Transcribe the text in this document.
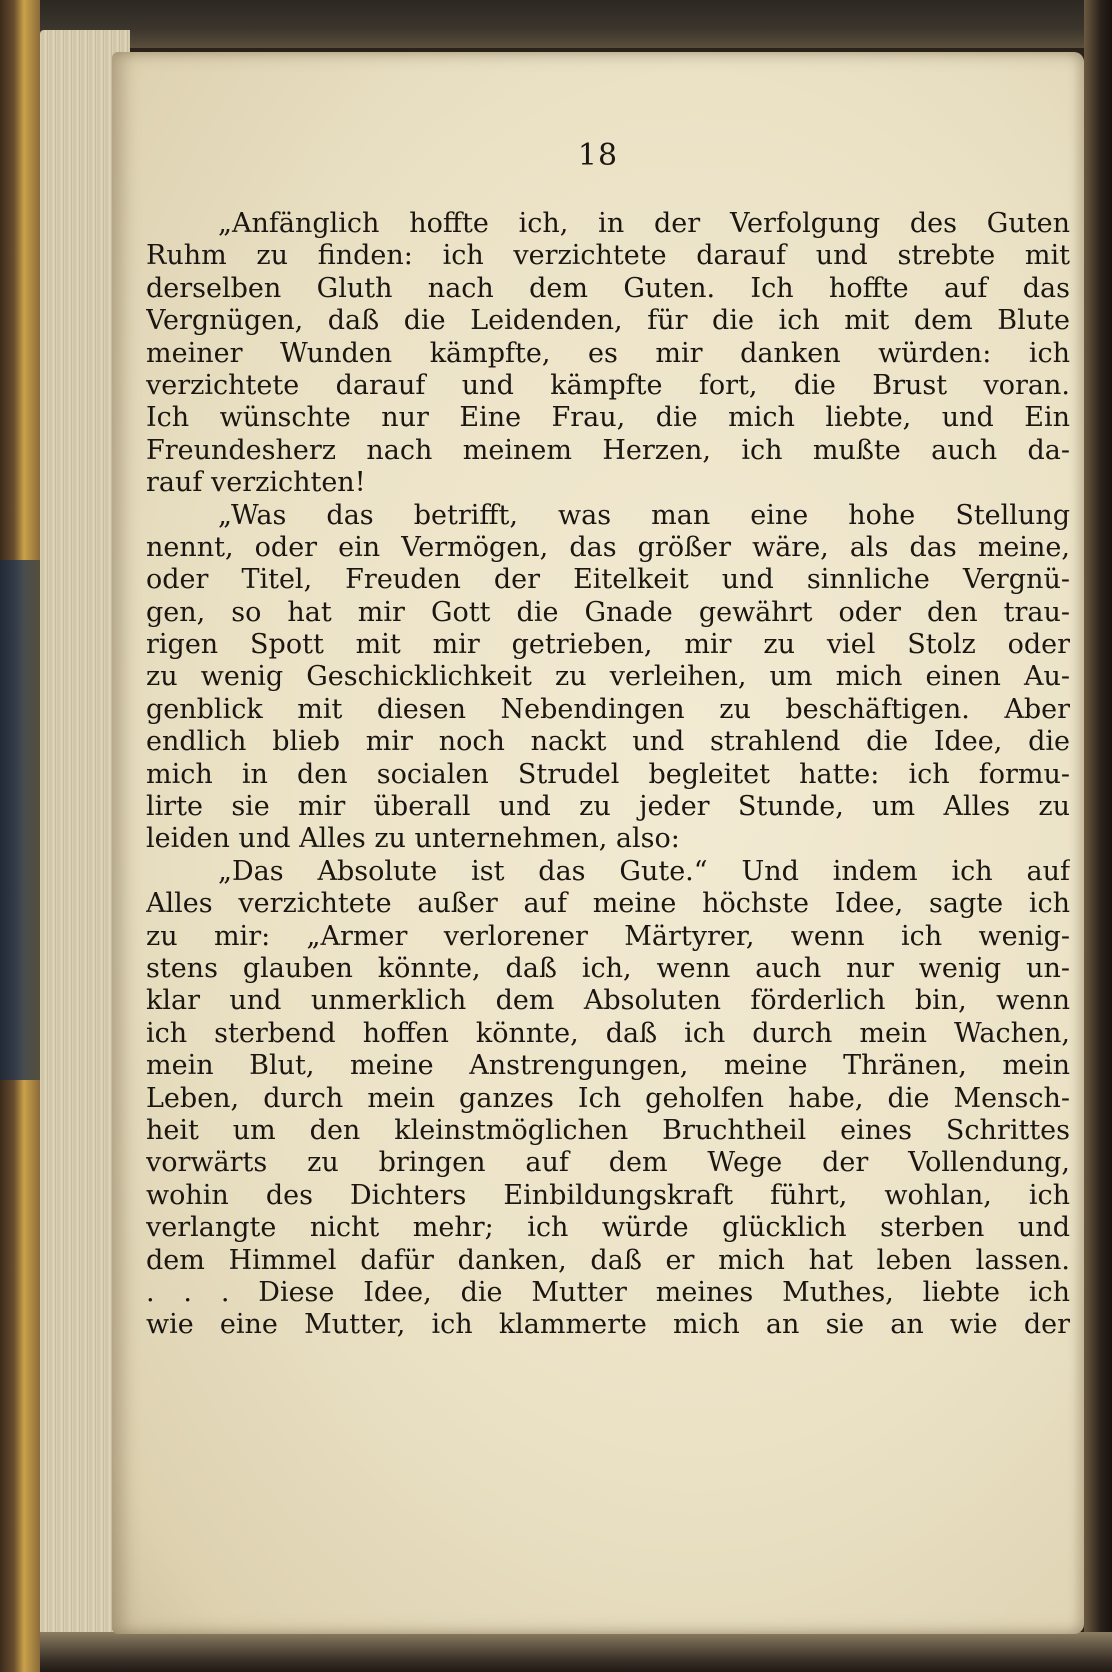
18
„Anfänglich hoffte ich, in der Verfolgung des Guten
Ruhm zu finden: ich verzichtete darauf und strebte mit
derselben Gluth nach dem Guten. Ich hoffte auf das
Vergnügen, daß die Leidenden, für die ich mit dem Blute
meiner Wunden kämpfte, es mir danken würden: ich
verzichtete darauf und kämpfte fort, die Brust voran.
Ich wünschte nur Eine Frau, die mich liebte, und Ein
Freundesherz nach meinem Herzen, ich mußte auch da-
rauf verzichten!
„Was das betrifft, was man eine hohe Stellung
nennt, oder ein Vermögen, das größer wäre, als das meine,
oder Titel, Freuden der Eitelkeit und sinnliche Vergnü-
gen, so hat mir Gott die Gnade gewährt oder den trau-
rigen Spott mit mir getrieben, mir zu viel Stolz oder
zu wenig Geschicklichkeit zu verleihen, um mich einen Au-
genblick mit diesen Nebendingen zu beschäftigen. Aber
endlich blieb mir noch nackt und strahlend die Idee, die
mich in den socialen Strudel begleitet hatte: ich formu-
lirte sie mir überall und zu jeder Stunde, um Alles zu
leiden und Alles zu unternehmen, also:
„Das Absolute ist das Gute.“ Und indem ich auf
Alles verzichtete außer auf meine höchste Idee, sagte ich
zu mir: „Armer verlorener Märtyrer, wenn ich wenig-
stens glauben könnte, daß ich, wenn auch nur wenig un-
klar und unmerklich dem Absoluten förderlich bin, wenn
ich sterbend hoffen könnte, daß ich durch mein Wachen,
mein Blut, meine Anstrengungen, meine Thränen, mein
Leben, durch mein ganzes Ich geholfen habe, die Mensch-
heit um den kleinstmöglichen Bruchtheil eines Schrittes
vorwärts zu bringen auf dem Wege der Vollendung,
wohin des Dichters Einbildungskraft führt, wohlan, ich
verlangte nicht mehr; ich würde glücklich sterben und
dem Himmel dafür danken, daß er mich hat leben lassen.
. . . Diese Idee, die Mutter meines Muthes, liebte ich
wie eine Mutter, ich klammerte mich an sie an wie der
